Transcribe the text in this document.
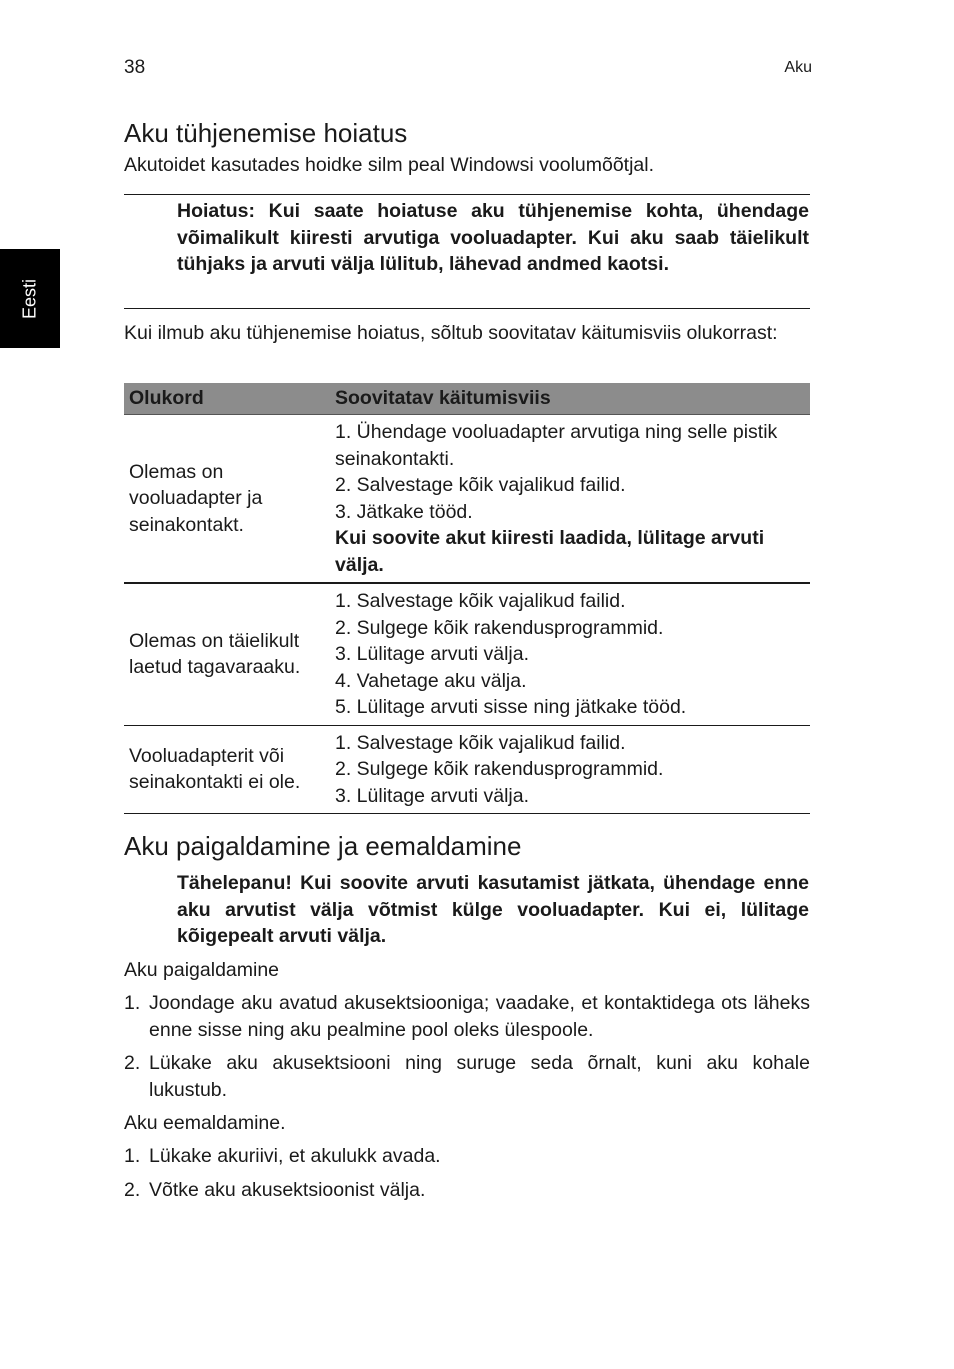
38	Aku
Eesti
Aku tühjenemise hoiatus
Akutoidet kasutades hoidke silm peal Windowsi voolumõõtjal.
Hoiatus: Kui saate hoiatuse aku tühjenemise kohta, ühendage võimalikult kiiresti arvutiga vooluadapter. Kui aku saab täielikult tühjaks ja arvuti välja lülitub, lähevad andmed kaotsi.
Kui ilmub aku tühjenemise hoiatus, sõltub soovitatav käitumisviis olukorrast:
Olukord	Soovitatav käitumisviis
Olemas on vooluadapter ja seinakontakt.	1. Ühendage vooluadapter arvutiga ning selle pistik seinakontakti.
2. Salvestage kõik vajalikud failid.
3. Jätkake tööd.
Kui soovite akut kiiresti laadida, lülitage arvuti välja.

Olemas on täielikult laetud tagavaraaku.	1. Salvestage kõik vajalikud failid.
2. Sulgege kõik rakendusprogrammid.
3. Lülitage arvuti välja.
4. Vahetage aku välja.
5. Lülitage arvuti sisse ning jätkake tööd.

Vooluadapterit või seinakontakti ei ole.	1. Salvestage kõik vajalikud failid.
2. Sulgege kõik rakendusprogrammid.
3. Lülitage arvuti välja.
Aku paigaldamine ja eemaldamine
Tähelepanu! Kui soovite arvuti kasutamist jätkata, ühendage enne aku arvutist välja võtmist külge vooluadapter. Kui ei, lülitage kõigepealt arvuti välja.
Aku paigaldamine
1. Joondage aku avatud akusektsiooniga; vaadake, et kontaktidega ots läheks enne sisse ning aku pealmine pool oleks ülespoole.
2. Lükake aku akusektsiooni ning suruge seda õrnalt, kuni aku kohale lukustub.
Aku eemaldamine.
1. Lükake akuriivi, et akulukk avada.
2. Võtke aku akusektsioonist välja.
